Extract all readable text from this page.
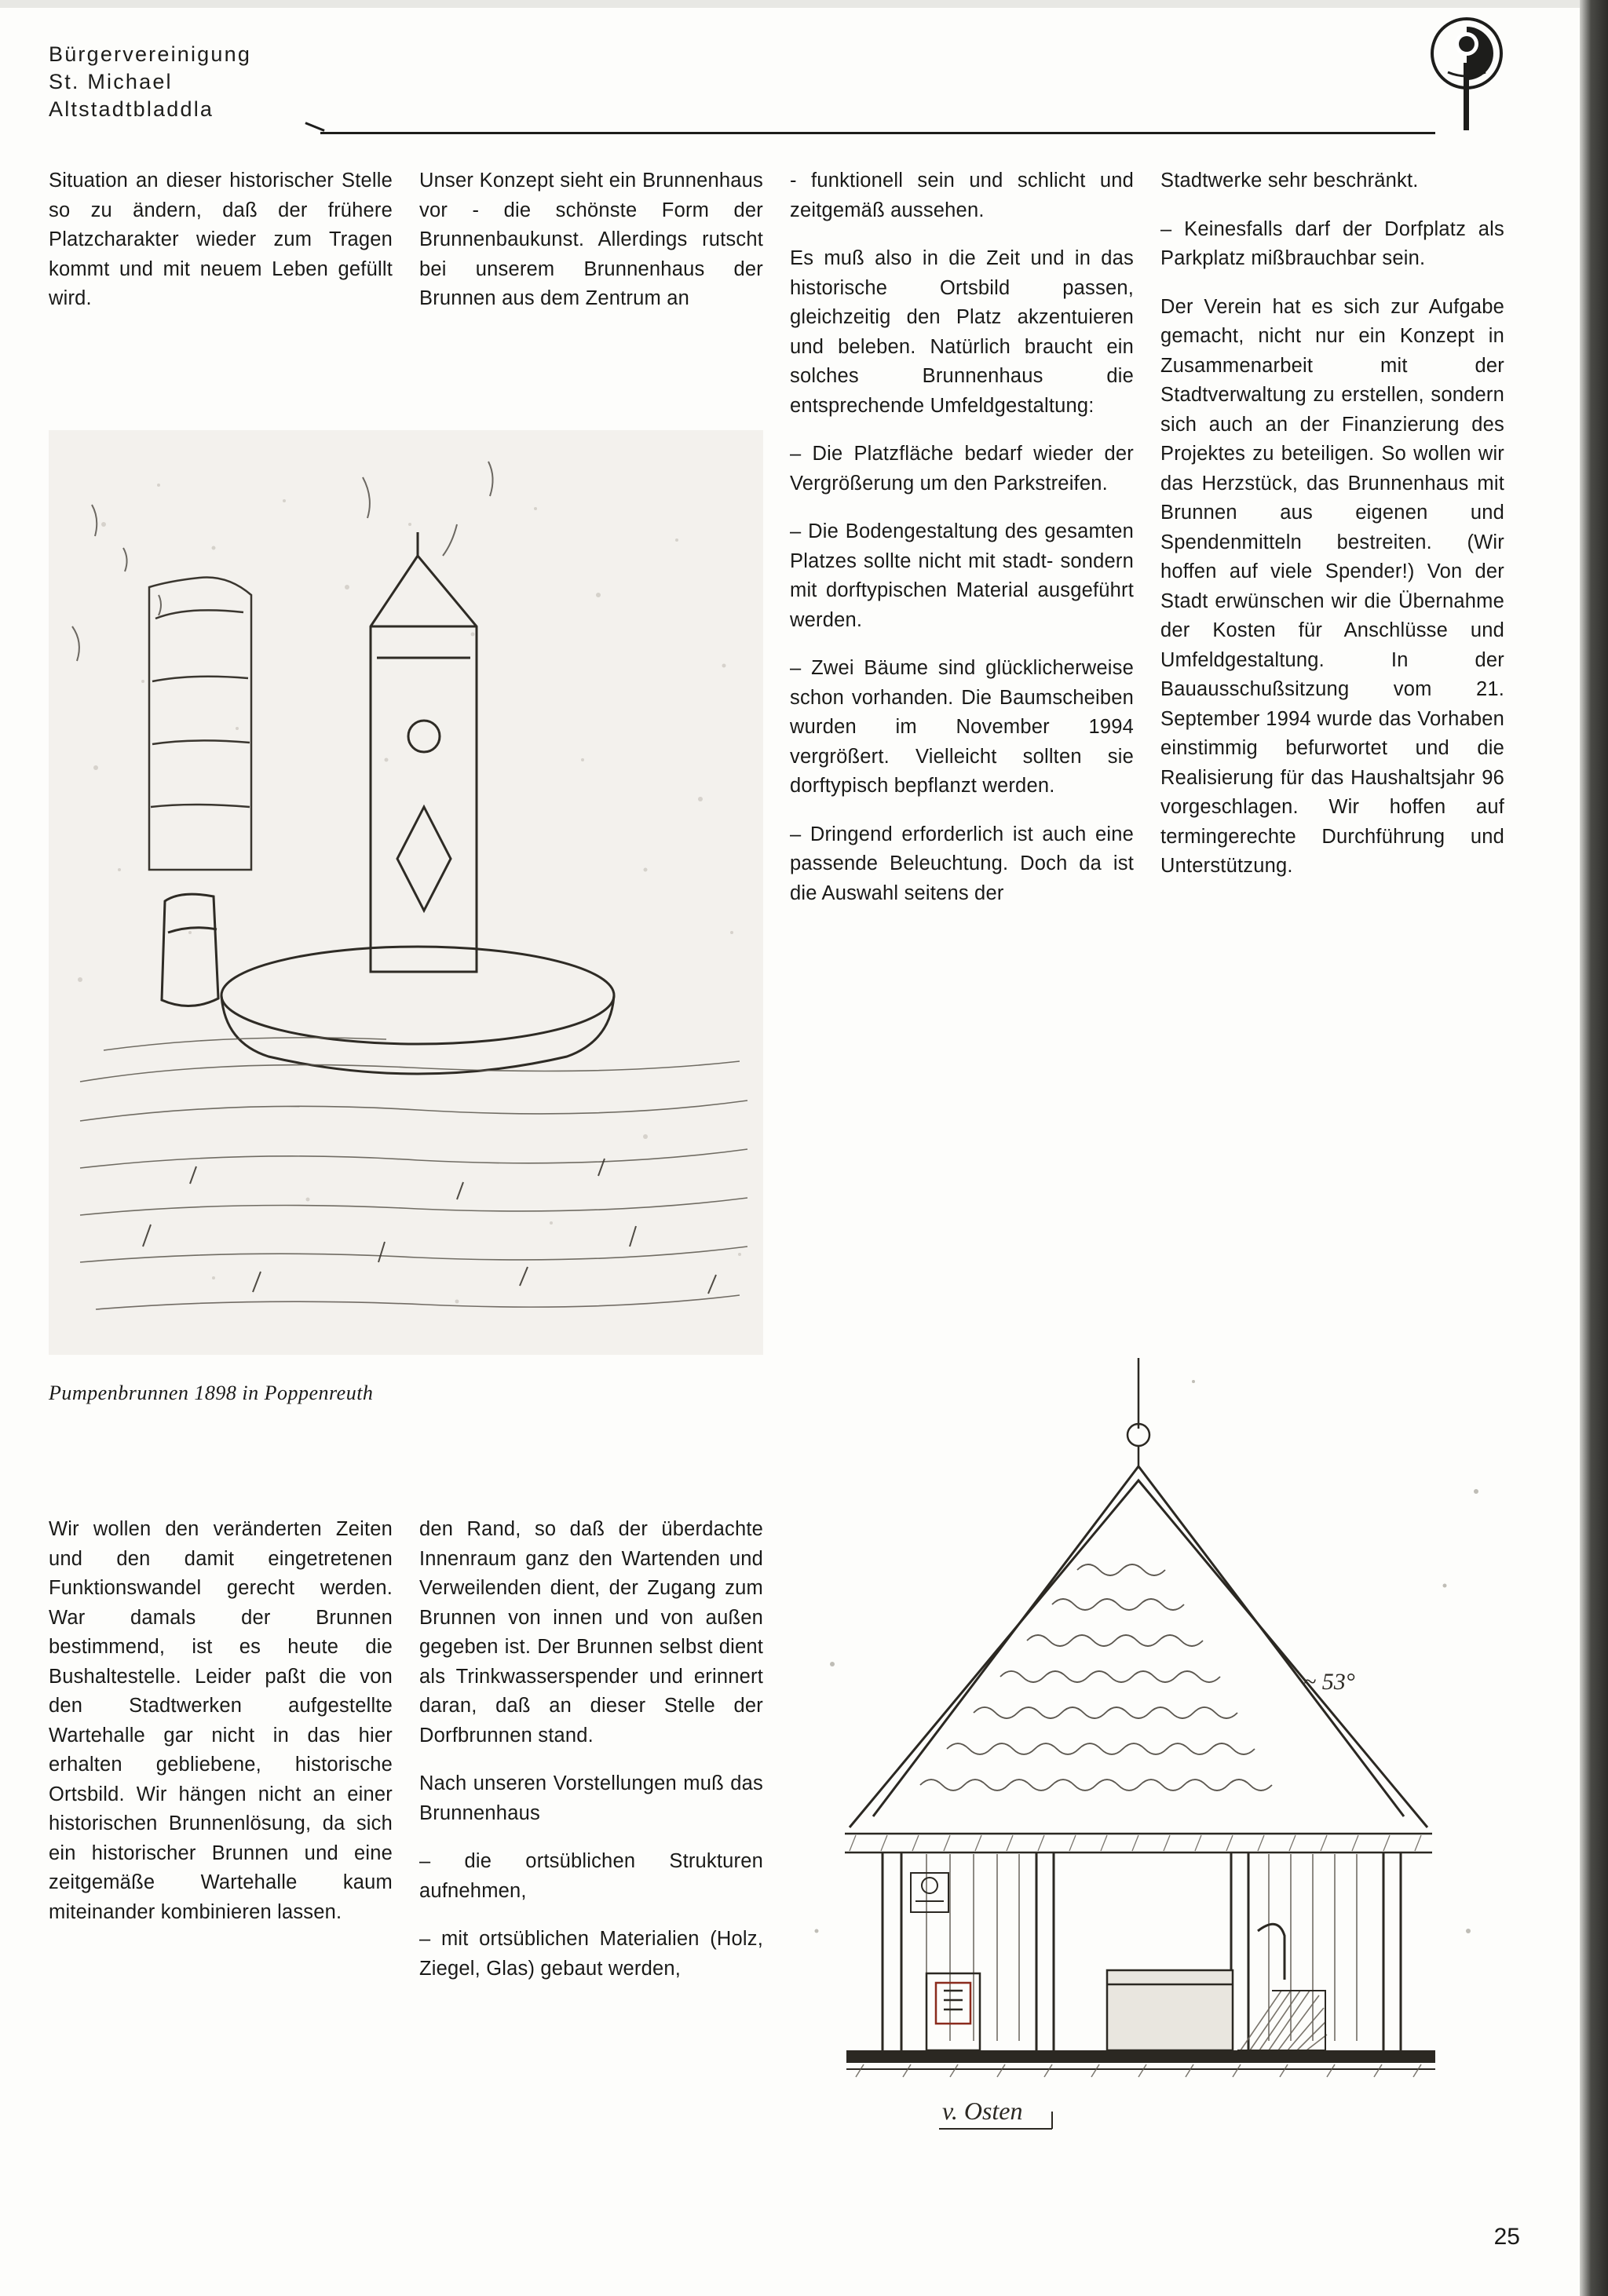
Bürgervereinigung
St. Michael
Altstadtbladdla

Situation an dieser historischer Stelle so zu ändern, daß der frühere Platzcharakter wieder zum Tragen kommt und mit neuem Leben gefüllt wird.

Unser Konzept sieht ein Brunnenhaus vor - die schönste Form der Brunnenbaukunst. Allerdings rutscht bei unserem Brunnenhaus der Brunnen aus dem Zentrum an

- funktionell sein und schlicht und zeitgemäß aussehen.

Es muß also in die Zeit und in das historische Ortsbild passen, gleichzeitig den Platz akzentuieren und beleben. Natürlich braucht ein solches Brunnenhaus die entsprechende Umfeldgestaltung:

– Die Platzfläche bedarf wieder der Vergrößerung um den Parkstreifen.

– Die Bodengestaltung des gesamten Platzes sollte nicht mit stadt- sondern mit dorftypischen Material ausgeführt werden.

– Zwei Bäume sind glücklicherweise schon vorhanden. Die Baumscheiben wurden im November 1994 vergrößert. Vielleicht sollten sie dorftypisch bepflanzt werden.

– Dringend erforderlich ist auch eine passende Beleuchtung. Doch da ist die Auswahl seitens der

Stadtwerke sehr beschränkt.

– Keinesfalls darf der Dorfplatz als Parkplatz mißbrauchbar sein.

Der Verein hat es sich zur Aufgabe gemacht, nicht nur ein Konzept in Zusammenarbeit mit der Stadtverwaltung zu erstellen, sondern sich auch an der Finanzierung des Projektes zu beteiligen. So wollen wir das Herzstück, das Brunnenhaus mit Brunnen aus eigenen und Spendenmitteln bestreiten. (Wir hoffen auf viele Spender!) Von der Stadt erwünschen wir die Übernahme der Kosten für Anschlüsse und Umfeldgestaltung. In der Bauausschußsitzung vom 21. September 1994 wurde das Vorhaben einstimmig befurwortet und die Realisierung für das Haushaltsjahr 96 vorgeschlagen. Wir hoffen auf termingerechte Durchführung und Unterstützung.

Pumpenbrunnen 1898 in Poppenreuth

Wir wollen den veränderten Zeiten und den damit eingetretenen Funktionswandel gerecht werden. War damals der Brunnen bestimmend, ist es heute die Bushaltestelle. Leider paßt die von den Stadtwerken aufgestellte Wartehalle gar nicht in das hier erhalten gebliebene, historische Ortsbild. Wir hängen nicht an einer historischen Brunnenlösung, da sich ein historischer Brunnen und eine zeitgemäße Wartehalle kaum miteinander kombinieren lassen.

den Rand, so daß der überdachte Innenraum ganz den Wartenden und Verweilenden dient, der Zugang zum Brunnen von innen und von außen gegeben ist. Der Brunnen selbst dient als Trinkwasserspender und erinnert daran, daß an dieser Stelle der Dorfbrunnen stand.

Nach unseren Vorstellungen muß das Brunnenhaus

– die ortsüblichen Strukturen aufnehmen,

– mit ortsüblichen Materialien (Holz, Ziegel, Glas) gebaut werden,

~ 53°
v. Osten
25
